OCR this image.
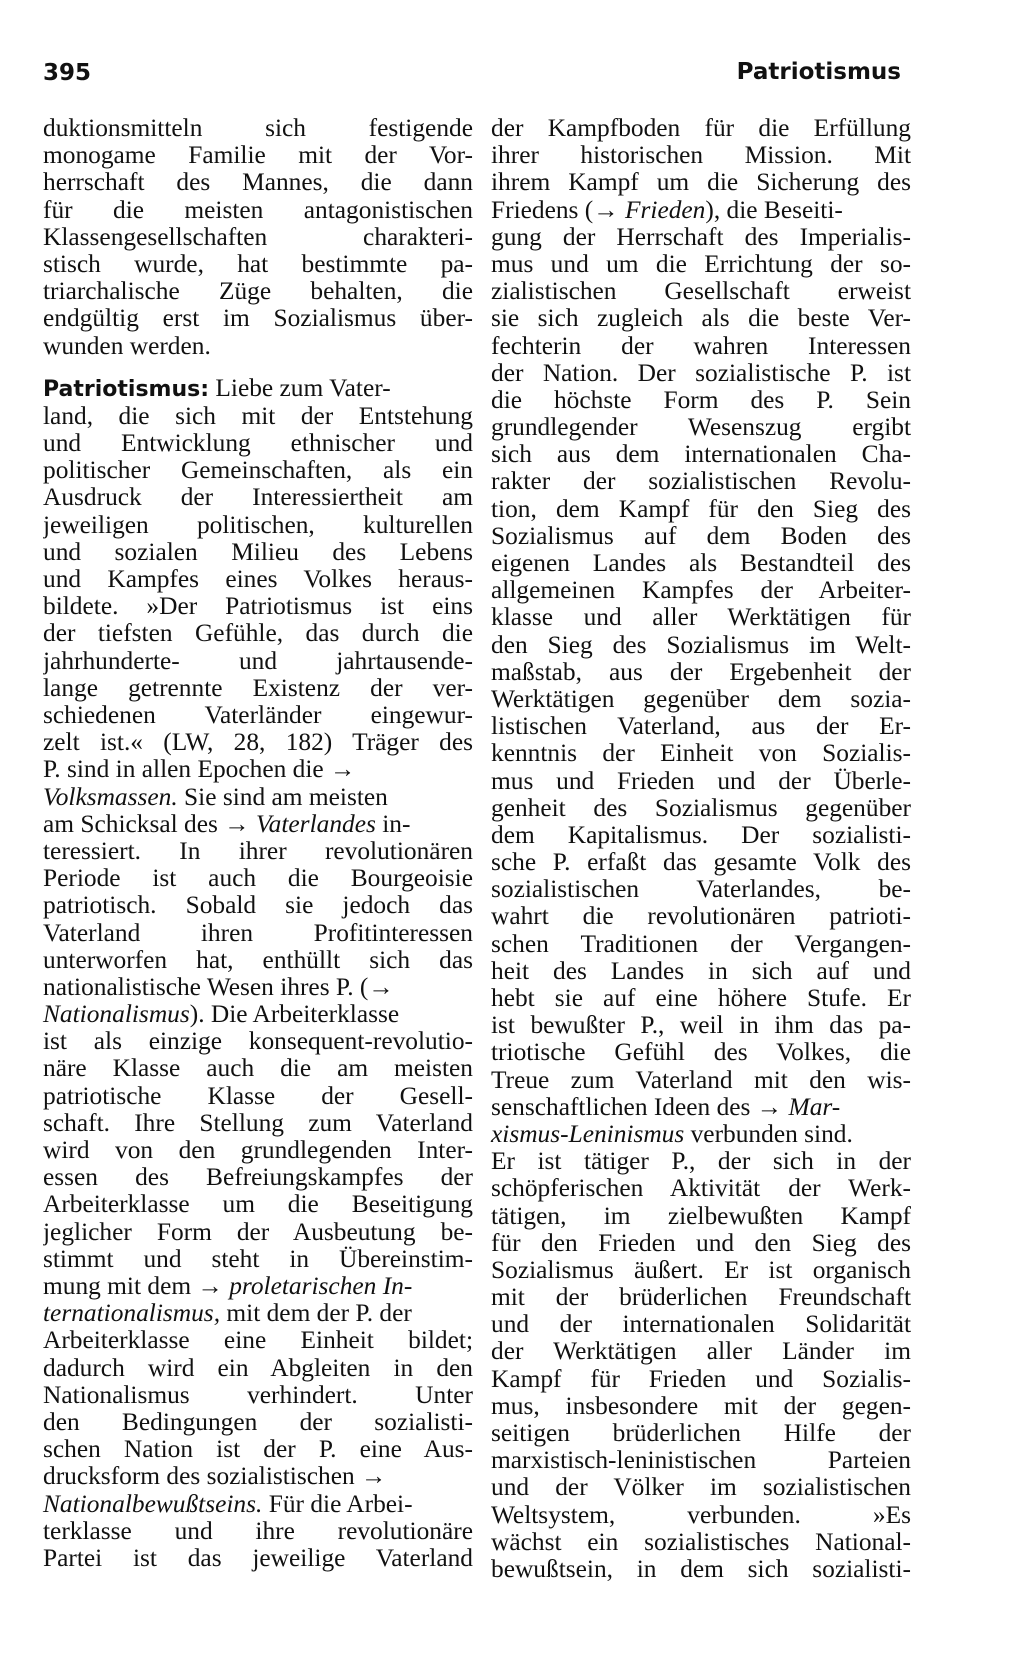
395	Patriotismus
duktionsmitteln sich festigende
monogame Familie mit der Vor-
herrschaft des Mannes, die dann
für die meisten antagonistischen
Klassengesellschaften charakteri-
stisch wurde, hat bestimmte pa-
triarchalische Züge behalten, die
endgültig erst im Sozialismus über-
wunden werden.
Patriotismus: Liebe zum Vater-
land, die sich mit der Entstehung
und Entwicklung ethnischer und
politischer Gemeinschaften, als ein
Ausdruck der Interessiertheit am
jeweiligen politischen, kulturellen
und sozialen Milieu des Lebens
und Kampfes eines Volkes heraus-
bildete. »Der Patriotismus ist eins
der tiefsten Gefühle, das durch die
jahrhunderte- und jahrtausende-
lange getrennte Existenz der ver-
schiedenen Vaterländer eingewur-
zelt ist.« (LW, 28, 182) Träger des
P. sind in allen Epochen die →
Volksmassen. Sie sind am meisten
am Schicksal des → Vaterlandes in-
teressiert. In ihrer revolutionären
Periode ist auch die Bourgeoisie
patriotisch. Sobald sie jedoch das
Vaterland ihren Profitinteressen
unterworfen hat, enthüllt sich das
nationalistische Wesen ihres P. (→
Nationalismus). Die Arbeiterklasse
ist als einzige konsequent-revolutio-
näre Klasse auch die am meisten
patriotische Klasse der Gesell-
schaft. Ihre Stellung zum Vaterland
wird von den grundlegenden Inter-
essen des Befreiungskampfes der
Arbeiterklasse um die Beseitigung
jeglicher Form der Ausbeutung be-
stimmt und steht in Übereinstim-
mung mit dem → proletarischen In-
ternationalismus, mit dem der P. der
Arbeiterklasse eine Einheit bildet;
dadurch wird ein Abgleiten in den
Nationalismus verhindert. Unter
den Bedingungen der sozialisti-
schen Nation ist der P. eine Aus-
drucksform des sozialistischen →
Nationalbewußtseins. Für die Arbei-
terklasse und ihre revolutionäre
Partei ist das jeweilige Vaterland
der Kampfboden für die Erfüllung
ihrer historischen Mission. Mit
ihrem Kampf um die Sicherung des
Friedens (→ Frieden), die Beseiti-
gung der Herrschaft des Imperialis-
mus und um die Errichtung der so-
zialistischen Gesellschaft erweist
sie sich zugleich als die beste Ver-
fechterin der wahren Interessen
der Nation. Der sozialistische P. ist
die höchste Form des P. Sein
grundlegender Wesenszug ergibt
sich aus dem internationalen Cha-
rakter der sozialistischen Revolu-
tion, dem Kampf für den Sieg des
Sozialismus auf dem Boden des
eigenen Landes als Bestandteil des
allgemeinen Kampfes der Arbeiter-
klasse und aller Werktätigen für
den Sieg des Sozialismus im Welt-
maßstab, aus der Ergebenheit der
Werktätigen gegenüber dem sozia-
listischen Vaterland, aus der Er-
kenntnis der Einheit von Sozialis-
mus und Frieden und der Überle-
genheit des Sozialismus gegenüber
dem Kapitalismus. Der sozialisti-
sche P. erfaßt das gesamte Volk des
sozialistischen Vaterlandes, be-
wahrt die revolutionären patrioti-
schen Traditionen der Vergangen-
heit des Landes in sich auf und
hebt sie auf eine höhere Stufe. Er
ist bewußter P., weil in ihm das pa-
triotische Gefühl des Volkes, die
Treue zum Vaterland mit den wis-
senschaftlichen Ideen des → Mar-
xismus-Leninismus verbunden sind.
Er ist tätiger P., der sich in der
schöpferischen Aktivität der Werk-
tätigen, im zielbewußten Kampf
für den Frieden und den Sieg des
Sozialismus äußert. Er ist organisch
mit der brüderlichen Freundschaft
und der internationalen Solidarität
der Werktätigen aller Länder im
Kampf für Frieden und Sozialis-
mus, insbesondere mit der gegen-
seitigen brüderlichen Hilfe der
marxistisch-leninistischen Parteien
und der Völker im sozialistischen
Weltsystem, verbunden. »Es
wächst ein sozialistisches National-
bewußtsein, in dem sich sozialisti-
